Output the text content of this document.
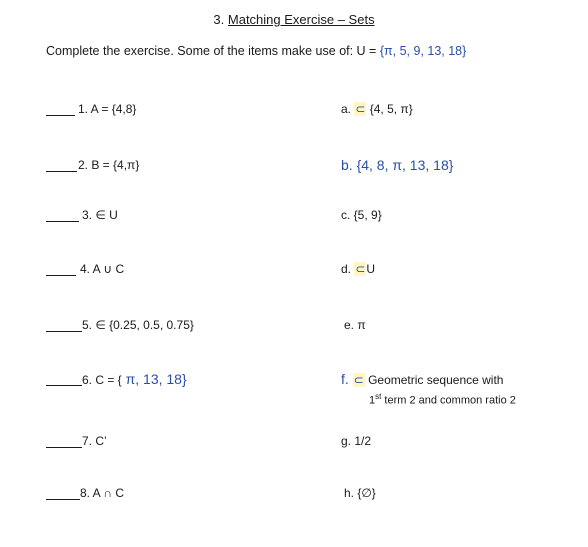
3. Matching Exercise – Sets
Complete the exercise. Some of the items make use of: U = {π, 5, 9, 13, 18}
1. A = {4,8}	a. ⊂ {4, 5, π}
2. B = {4,π}	b. {4, 8, π, 13, 18}
3. ∈ U	c. {5, 9}
4. A ∪ C	d. ⊂U
5. ∈ {0.25, 0.5, 0.75}	e. π
6. C = { π, 13, 18}	f. ⊂ Geometric sequence with
1st term 2 and common ratio 2
7. C’	g. 1/2
8. A ∩ C	h. {∅}
